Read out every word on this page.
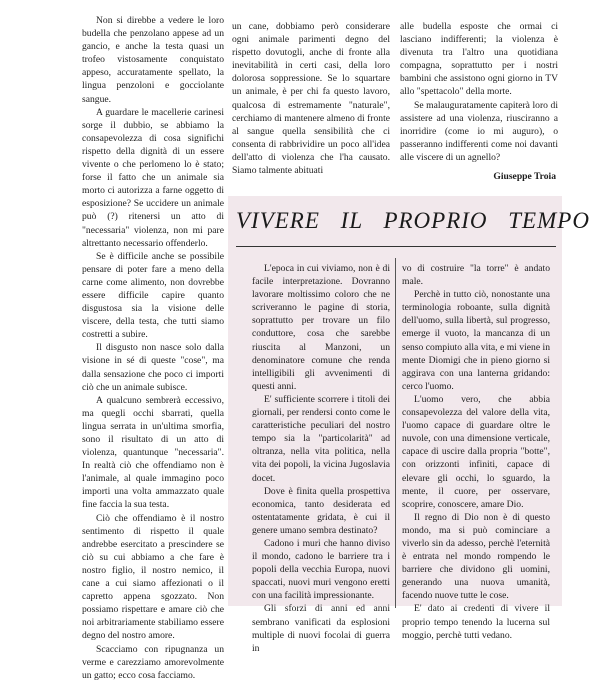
Non si direbbe a vedere le loro budella che penzolano appese ad un gancio, e anche la testa quasi un trofeo vistosamente conquistato appeso, accuratamente spellato, la lingua penzoloni e gocciolante sangue.

A guardare le macellerie carinesi sorge il dubbio, se abbiamo la consapevolezza di cosa significhi rispetto della dignità di un essere vivente o che perlomeno lo è stato; forse il fatto che un animale sia morto ci autorizza a farne oggetto di esposizione? Se uccidere un animale può (?) ritenersi un atto di "necessaria" violenza, non mi pare altrettanto necessario offenderlo.

Se è difficile anche se possibile pensare di poter fare a meno della carne come alimento, non dovrebbe essere difficile capire quanto disgustosa sia la visione delle viscere, della testa, che tutti siamo costretti a subire.

Il disgusto non nasce solo dalla visione in sé di queste "cose", ma dalla sensazione che poco ci importi ciò che un animale subisce.

A qualcuno sembrerà eccessivo, ma quegli occhi sbarrati, quella lingua serrata in un'ultima smorfia, sono il risultato di un atto di violenza, quantunque "necessaria". In realtà ciò che offendiamo non è l'animale, al quale immagino poco importi una volta ammazzato quale fine faccia la sua testa.

Ciò che offendiamo è il nostro sentimento di rispetto il quale andrebbe esercitato a prescindere se ciò su cui abbiamo a che fare è nostro figlio, il nostro nemico, il cane a cui siamo affezionati o il capretto appena sgozzato. Non possiamo rispettare e amare ciò che noi arbitrariamente stabiliamo essere degno del nostro amore.

Scacciamo con ripugnanza un verme e carezziamo amorevolmente un gatto; ecco cosa facciamo.

un cane, dobbiamo però considerare ogni animale parimenti degno del rispetto dovutogli, anche di fronte alla inevitabilità in certi casi, della loro dolorosa soppressione. Se lo squartare un animale, è per chi fa questo lavoro, qualcosa di estremamente "naturale", cerchiamo di mantenere almeno di fronte al sangue quella sensibilità che ci consenta di rabbrividire un poco all'idea dell'atto di violenza che l'ha causato. Siamo talmente abituati

alle budella esposte che ormai ci lasciano indifferenti; la violenza è divenuta tra l'altro una quotidiana compagna, soprattutto per i nostri bambini che assistono ogni giorno in TV allo "spettacolo" della morte.

Se malauguratamente capiterà loro di assistere ad una violenza, riusciranno a inorridire (come io mi auguro), o passeranno indifferenti come noi davanti alle viscere di un agnello?

Giuseppe Troia
VIVERE IL PROPRIO TEMPO

L'epoca in cui viviamo, non è di facile interpretazione. Dovranno lavorare moltissimo coloro che ne scriveranno le pagine di storia, soprattutto per trovare un filo conduttore, cosa che sarebbe riuscita al Manzoni, un denominatore comune che renda intelligibili gli avvenimenti di questi anni.

E' sufficiente scorrere i titoli dei giornali, per rendersi conto come le caratteristiche peculiari del nostro tempo sia la "particolarità" ad oltranza, nella vita politica, nella vita dei popoli, la vicina Jugoslavia docet.

Dove è finita quella prospettiva economica, tanto desiderata ed ostentatamente gridata, è cui il genere umano sembra destinato?

Cadono i muri che hanno diviso il mondo, cadono le barriere tra i popoli della vecchia Europa, nuovi spaccati, nuovi muri vengono eretti con una facilità impressionante.

Gli sforzi di anni ed anni sembrano vanificati da esplosioni multiple di nuovi focolai di guerra in

vo di costruire "la torre" è andato male.

Perchè in tutto ciò, nonostante una terminologia roboante, sulla dignità dell'uomo, sulla libertà, sul progresso, emerge il vuoto, la mancanza di un senso compiuto alla vita, e mi viene in mente Diomigi che in pieno giorno si aggirava con una lanterna gridando: cerco l'uomo.

L'uomo vero, che abbia consapevolezza del valore della vita, l'uomo capace di guardare oltre le nuvole, con una dimensione verticale, capace di uscire dalla propria "botte", con orizzonti infiniti, capace di elevare gli occhi, lo sguardo, la mente, il cuore, per osservare, scoprire, conoscere, amare Dio.

Il regno di Dio non è di questo mondo, ma si può cominciare a viverlo sin da adesso, perchè l'eternità è entrata nel mondo rompendo le barriere che dividono gli uomini, generando una nuova umanità, facendo nuove tutte le cose.

E' dato ai credenti di vivere il proprio tempo tenendo la lucerna sul moggio, perchè tutti vedano.
